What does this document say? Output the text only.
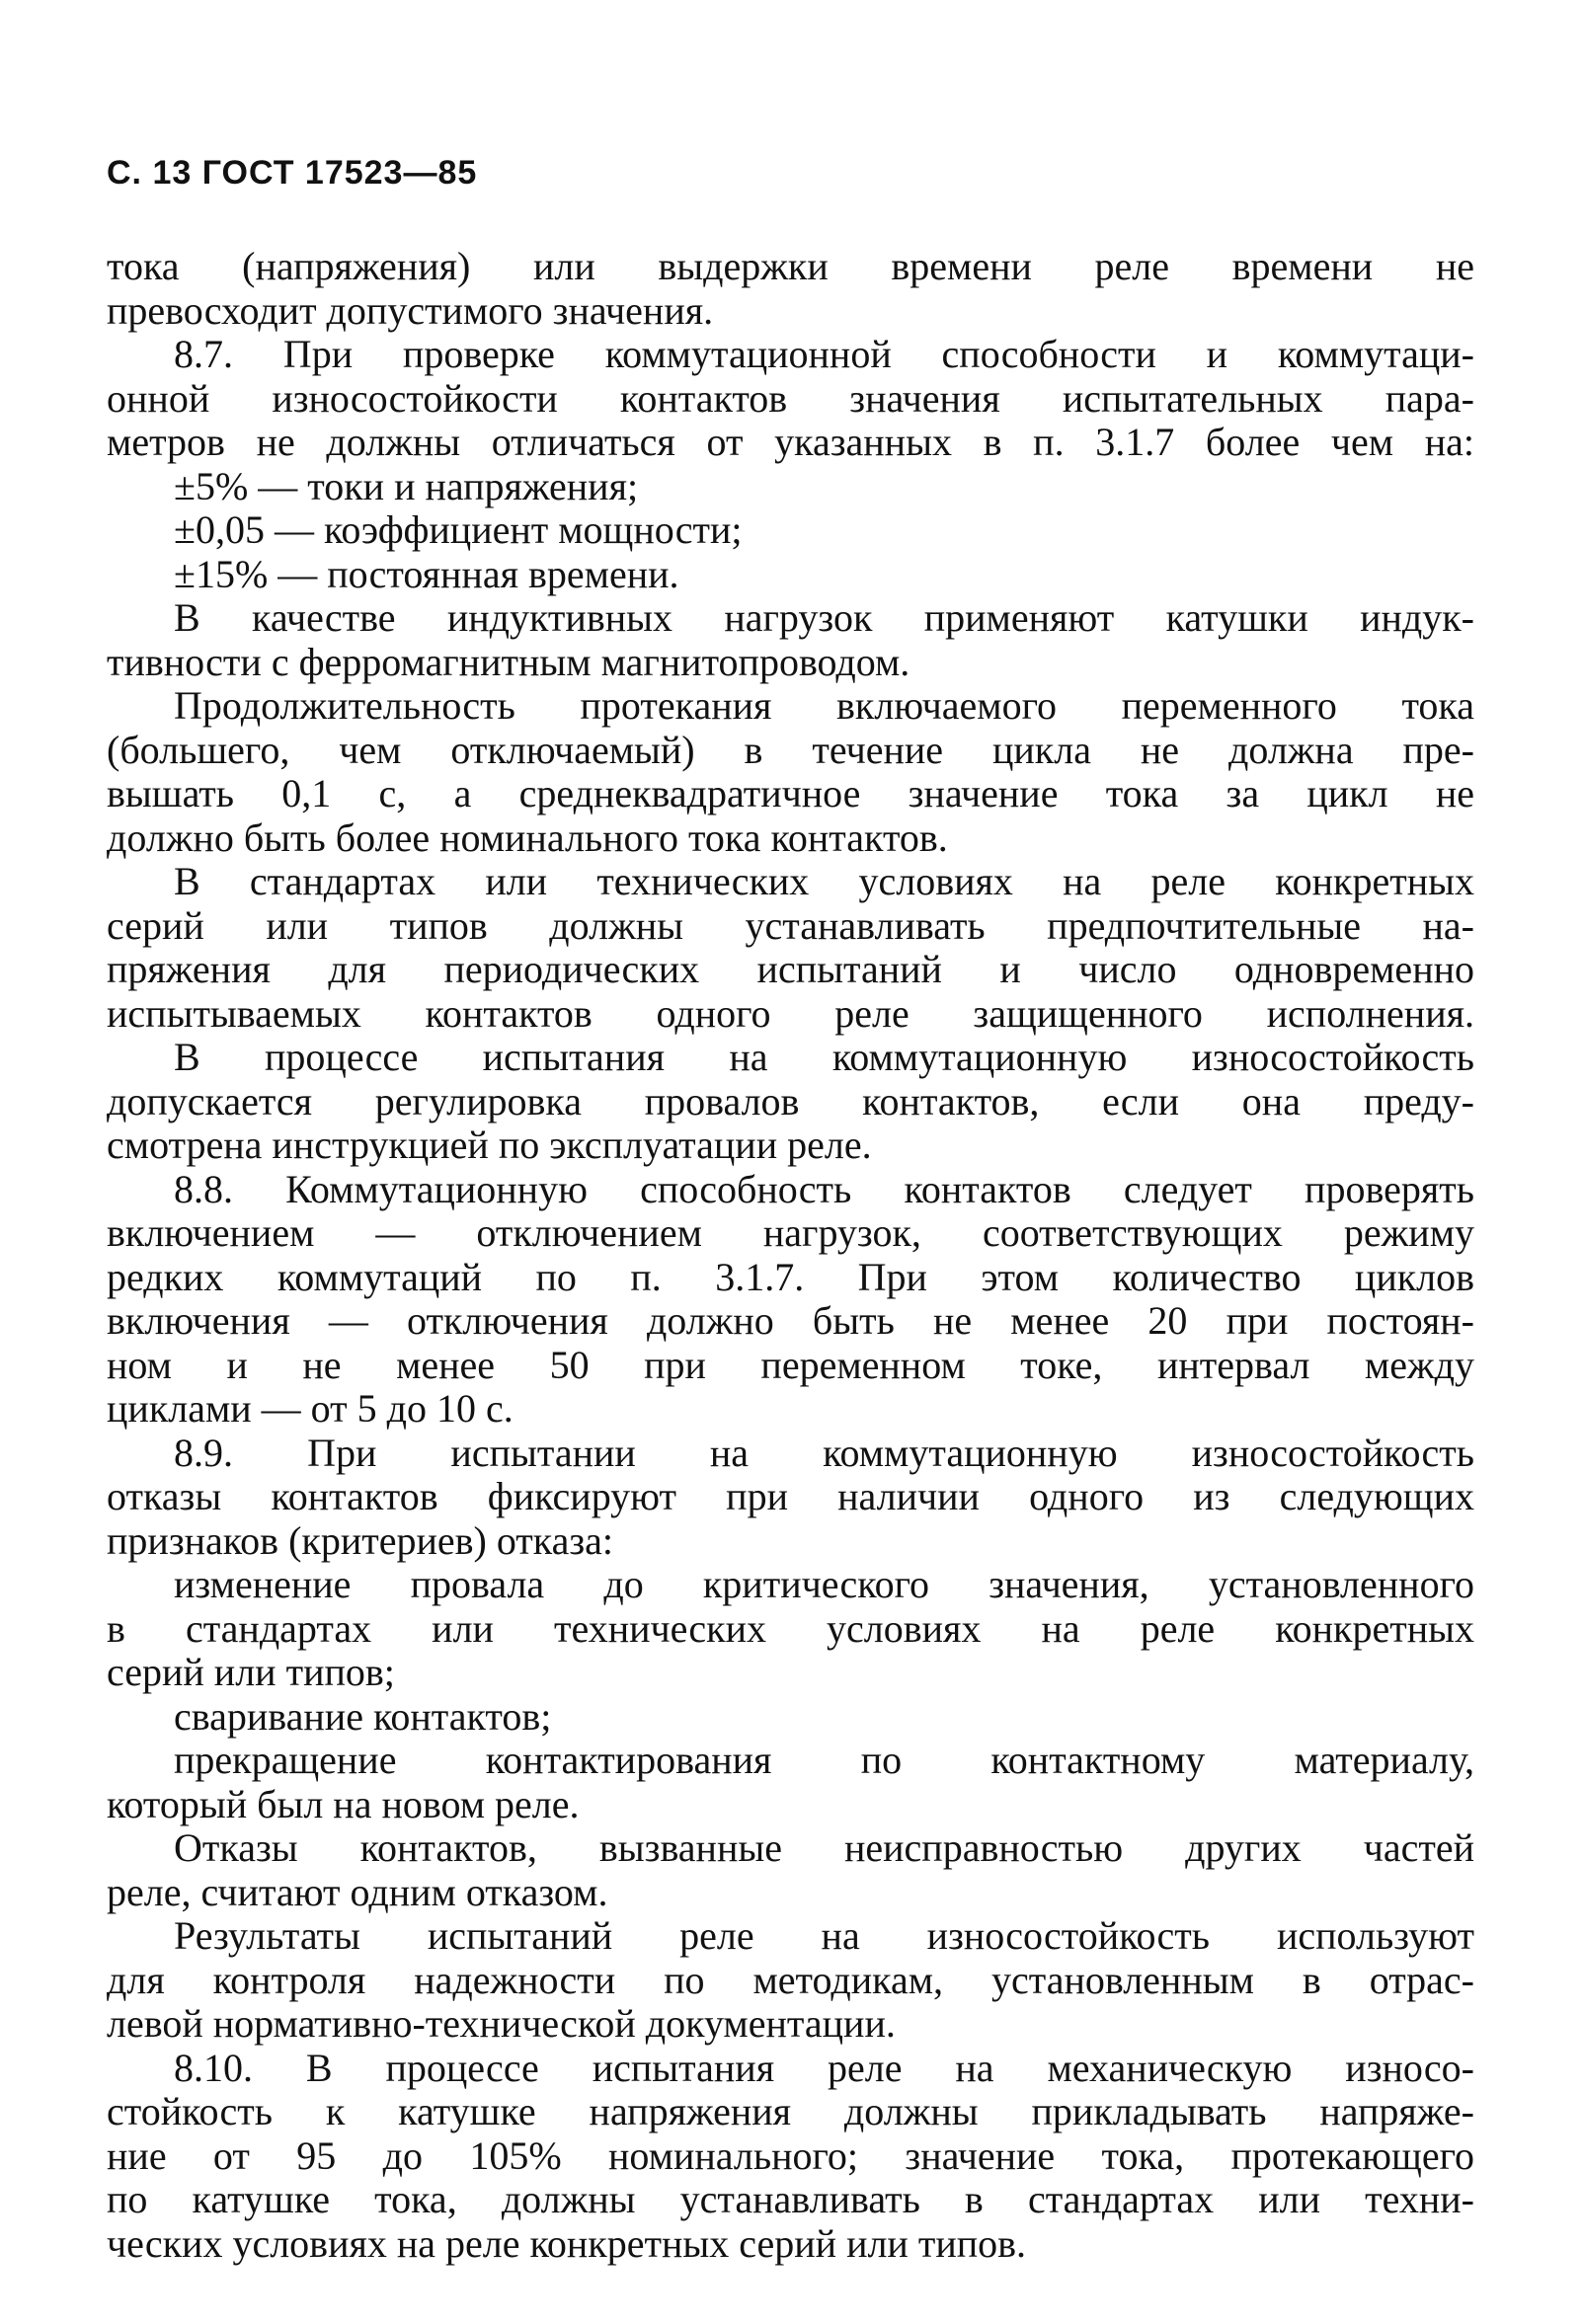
С. 13 ГОСТ 17523—85
тока (напряжения) или выдержки времени реле времени не
превосходит допустимого значения.
8.7. При проверке коммутационной способности и коммутаци-
онной износостойкости контактов значения испытательных пара-
метров не должны отличаться от указанных в п. 3.1.7 более чем на:
±5% — токи и напряжения;
±0,05 — коэффициент мощности;
±15% — постоянная времени.
В качестве индуктивных нагрузок применяют катушки индук-
тивности с ферромагнитным магнитопроводом.
Продолжительность протекания включаемого переменного тока
(большего, чем отключаемый) в течение цикла не должна пре-
вышать 0,1 с, а среднеквадратичное значение тока за цикл не
должно быть более номинального тока контактов.
В стандартах или технических условиях на реле конкретных
серий или типов должны устанавливать предпочтительные на-
пряжения для периодических испытаний и число одновременно
испытываемых контактов одного реле защищенного исполнения.
В процессе испытания на коммутационную износостойкость
допускается регулировка провалов контактов, если она преду-
смотрена инструкцией по эксплуатации реле.
8.8. Коммутационную способность контактов следует проверять
включением — отключением нагрузок, соответствующих режиму
редких коммутаций по п. 3.1.7. При этом количество циклов
включения — отключения должно быть не менее 20 при постоян-
ном и не менее 50 при переменном токе, интервал между
циклами — от 5 до 10 с.
8.9. При испытании на коммутационную износостойкость
отказы контактов фиксируют при наличии одного из следующих
признаков (критериев) отказа:
изменение провала до критического значения, установленного
в стандартах или технических условиях на реле конкретных
серий или типов;
сваривание контактов;
прекращение контактирования по контактному материалу,
который был на новом реле.
Отказы контактов, вызванные неисправностью других частей
реле, считают одним отказом.
Результаты испытаний реле на износостойкость используют
для контроля надежности по методикам, установленным в отрас-
левой нормативно-технической документации.
8.10. В процессе испытания реле на механическую износо-
стойкость к катушке напряжения должны прикладывать напряже-
ние от 95 до 105% номинального; значение тока, протекающего
по катушке тока, должны устанавливать в стандартах или техни-
ческих условиях на реле конкретных серий или типов.
